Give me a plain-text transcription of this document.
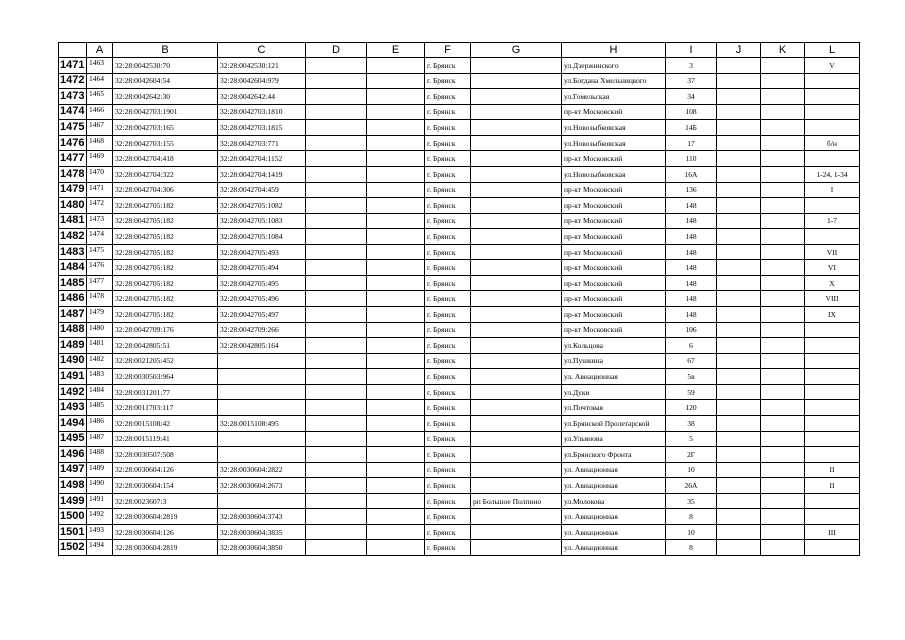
	A	B	C	D	E	F	G	H	I	J	K	L
1471	1463	32:28:0042530:70	32:28:0042530:121			г. Брянск		ул.Дзержинского	3			V
1472	1464	32:28:0042604:54	32:28:0042604:979			г. Брянск		ул.Богдана Хмельницкого	37			
1473	1465	32:28:0042642:30	32:28:0042642:44			г. Брянск		ул.Гомельская	34			
1474	1466	32:28:0042703:1901	32:28:0042703:1810			г. Брянск		пр-кт Московский	108			
1475	1467	32:28:0042703:165	32:28:0042703:1815			г. Брянск		ул.Новозыбковская	14Б			
1476	1468	32:28:0042703:155	32:28:0042703:771			г. Брянск		ул.Новозыбковская	17			б/н
1477	1469	32:28:0042704:418	32:28:0042704:1152			г. Брянск		пр-кт Московский	110			
1478	1470	32:28:0042704:322	32:28:0042704:1419			г. Брянск		ул.Новозыбковская	16А			1-24, 1-34
1479	1471	32:28:0042704:306	32:28:0042704:459			г. Брянск		пр-кт Московский	136			I
1480	1472	32:28:0042705:182	32:28:0042705:1082			г. Брянск		пр-кт Московский	148			
1481	1473	32:28:0042705:182	32:28:0042705:1083			г. Брянск		пр-кт Московский	148			1-7
1482	1474	32:28:0042705:182	32:28:0042705:1084			г. Брянск		пр-кт Московский	148			
1483	1475	32:28:0042705:182	32:28:0042705:493			г. Брянск		пр-кт Московский	148			VII
1484	1476	32:28:0042705:182	32:28:0042705:494			г. Брянск		пр-кт Московский	148			VI
1485	1477	32:28:0042705:182	32:28:0042705:495			г. Брянск		пр-кт Московский	148			X
1486	1478	32:28:0042705:182	32:28:0042705:496			г. Брянск		пр-кт Московский	148			VIII
1487	1479	32:28:0042705:182	32:28:0042705:497			г. Брянск		пр-кт Московский	148			IX
1488	1480	32:28:0042709:176	32:28:0042709:266			г. Брянск		пр-кт Московский	106			
1489	1481	32:28:0042805:51	32:28:0042805:164			г. Брянск		ул.Кольцова	6			
1490	1482	32:28:0021205:452				г. Брянск		ул.Пушкина	67			
1491	1483	32:28:0030503:964				г. Брянск		ул. Авиационная	5в			
1492	1484	32:28:0031201:77				г. Брянск		ул.Дуки	59			
1493	1485	32:28:0011703:117				г. Брянск		ул.Почтовая	120			
1494	1486	32:28:0015108:42	32:28:0015108:495			г. Брянск		ул.Брянской Пролетарской	38			
1495	1487	32:28:0015119:41				г. Брянск		ул.Ульянова	5			
1496	1488	32:28:0030507:508				г. Брянск		ул.Брянского Фронта	2Г			
1497	1489	32:28:0030604:126	32:28:0030604:2822			г. Брянск		ул. Авиационная	10			II
1498	1490	32:28:0030604:154	32:28:0030604:2673			г. Брянск		ул. Авиационная	26А			II
1499	1491	32:28:0023607:3				г. Брянск	рп Большое Полпино	ул.Молокова	35			
1500	1492	32:28:0030604:2819	32:28:0030604:3743			г. Брянск		ул. Авиационная	8			
1501	1493	32:28:0030604:126	32:28:0030604:3835			г. Брянск		ул. Авиационная	10			III
1502	1494	32:28:0030604:2819	32:28:0030604:3850			г. Брянск		ул. Авиационная	8			
